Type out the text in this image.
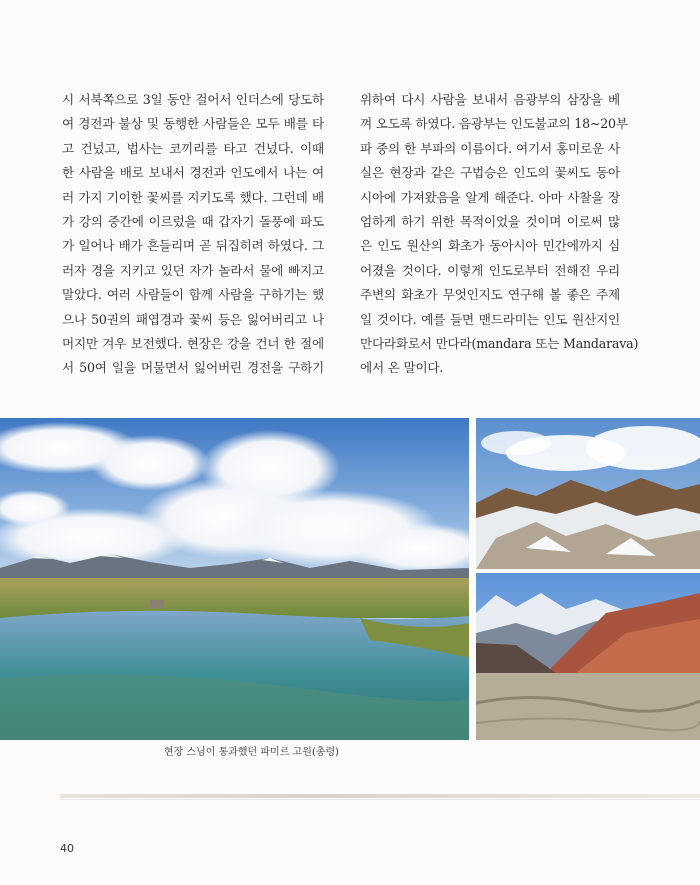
시 서북쪽으로 3일 동안 걸어서 인더스에 당도하
여 경전과 불상 및 동행한 사람들은 모두 배를 타
고 건넜고, 법사는 코끼리를 타고 건넜다. 이때
한 사람을 배로 보내서 경전과 인도에서 나는 여
러 가지 기이한 꽃씨를 지키도록 했다. 그런데 배
가 강의 중간에 이르렀을 때 갑자기 돌풍에 파도
가 일어나 배가 흔들리며 곧 뒤집히려 하였다. 그
러자 경을 지키고 있던 자가 놀라서 물에 빠지고
말았다. 여러 사람들이 함께 사람을 구하기는 했
으나 50권의 패엽경과 꽃씨 등은 잃어버리고 나
머지만 겨우 보전했다. 현장은 강을 건너 한 절에
서 50여 일을 머물면서 잃어버린 경전을 구하기
위하여 다시 사람을 보내서 음광부의 삼장을 베
껴 오도록 하였다. 음광부는 인도불교의 18~20부
파 중의 한 부파의 이름이다. 여기서 홍미로운 사
실은 현장과 같은 구법승은 인도의 꽃씨도 동아
시아에 가져왔음을 알게 해준다. 아마 사찰을 장
엄하게 하기 위한 목적이었을 것이며 이로써 많
은 인도 원산의 화초가 동아시아 민간에까지 심
어졌을 것이다. 이렇게 인도로부터 전해진 우리
주변의 화초가 무엇인지도 연구해 볼 좋은 주제
일 것이다. 예를 들면 맨드라미는 인도 원산지인
만다라화로서 만다라(mandara 또는 Mandarava)
에서 온 말이다.
현장 스님이 통과했던 파미르 고원(총령)
40
